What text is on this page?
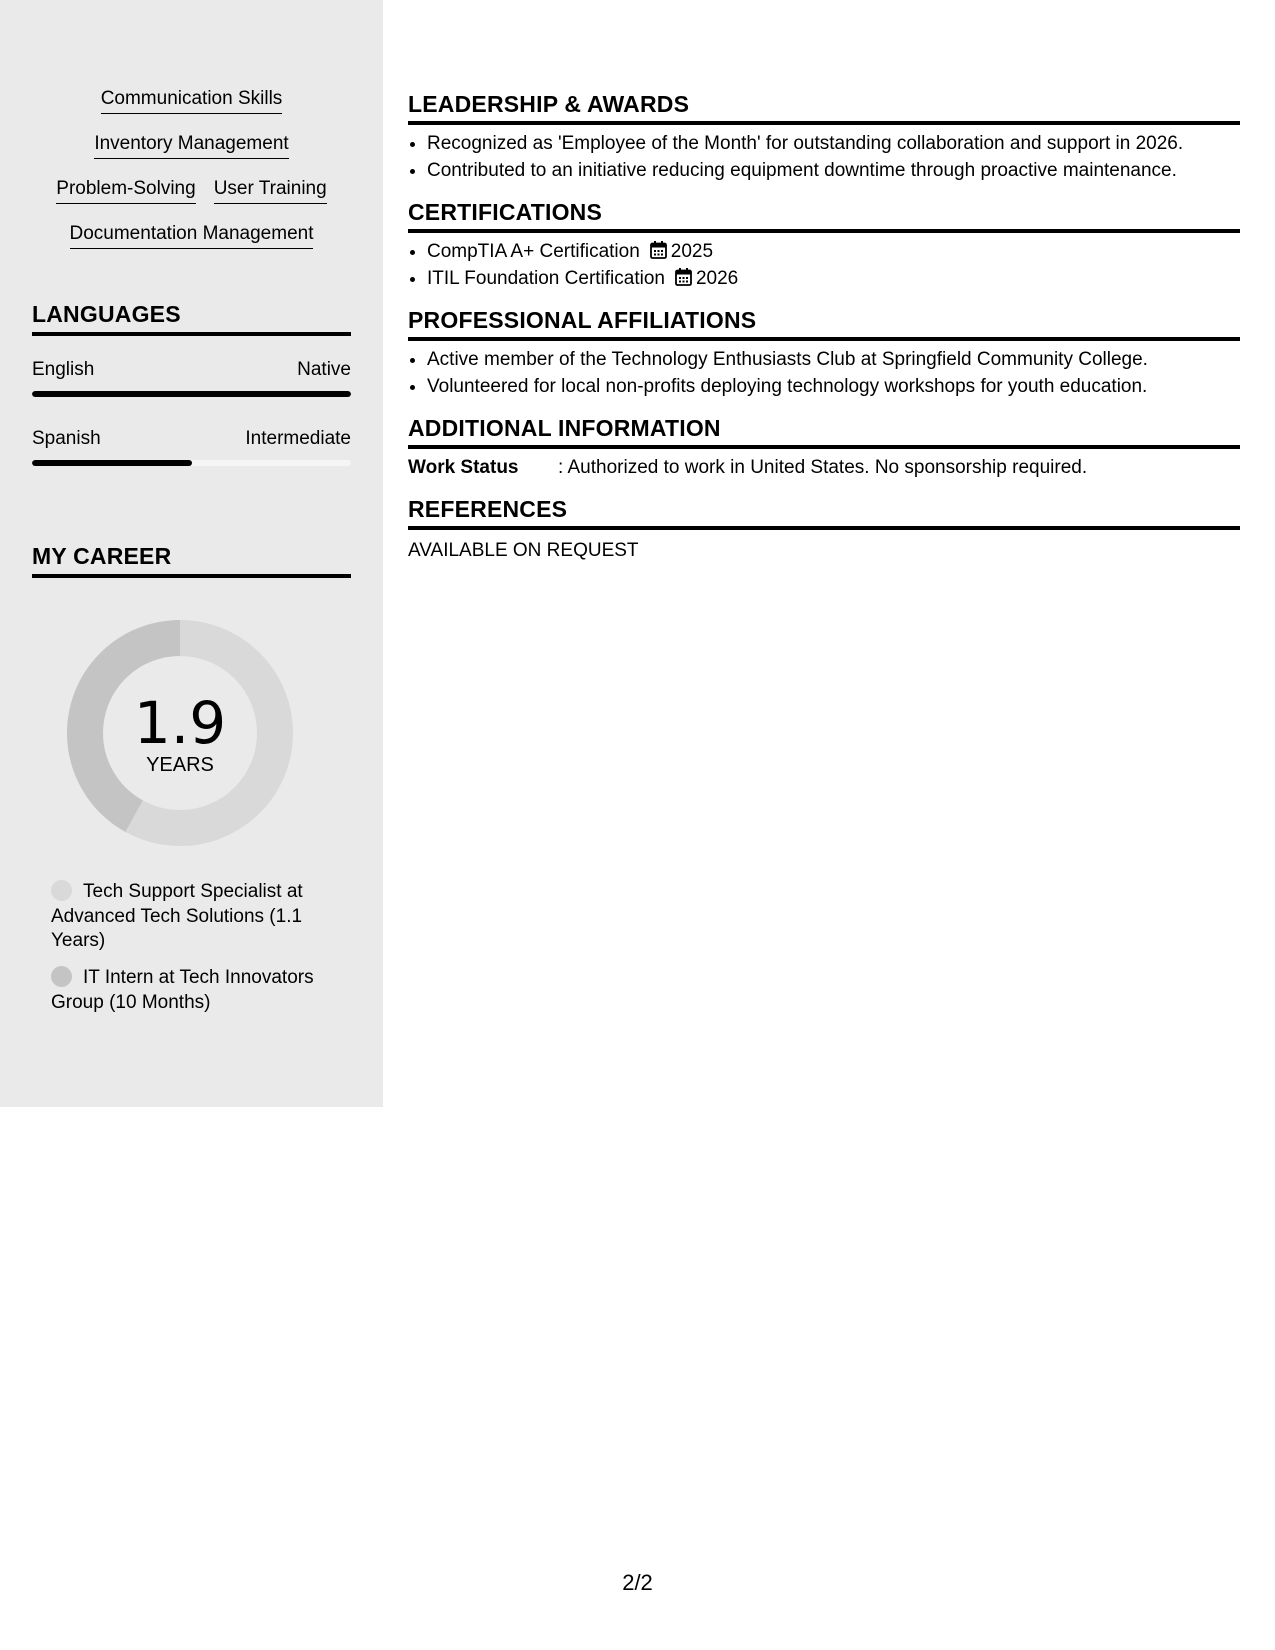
Communication Skills
Inventory Management
Problem-Solving User Training
Documentation Management
LANGUAGES
English	Native
Spanish	Intermediate
MY CAREER
1.9
YEARS
Tech Support Specialist at Advanced Tech Solutions (1.1 Years)
IT Intern at Tech Innovators Group (10 Months)
LEADERSHIP & AWARDS
• Recognized as 'Employee of the Month' for outstanding collaboration and support in 2026.
• Contributed to an initiative reducing equipment downtime through proactive maintenance.
CERTIFICATIONS
• CompTIA A+ Certification 2025
• ITIL Foundation Certification 2026
PROFESSIONAL AFFILIATIONS
• Active member of the Technology Enthusiasts Club at Springfield Community College.
• Volunteered for local non-profits deploying technology workshops for youth education.
ADDITIONAL INFORMATION
Work Status	: Authorized to work in United States. No sponsorship required.
REFERENCES
AVAILABLE ON REQUEST
2/2
